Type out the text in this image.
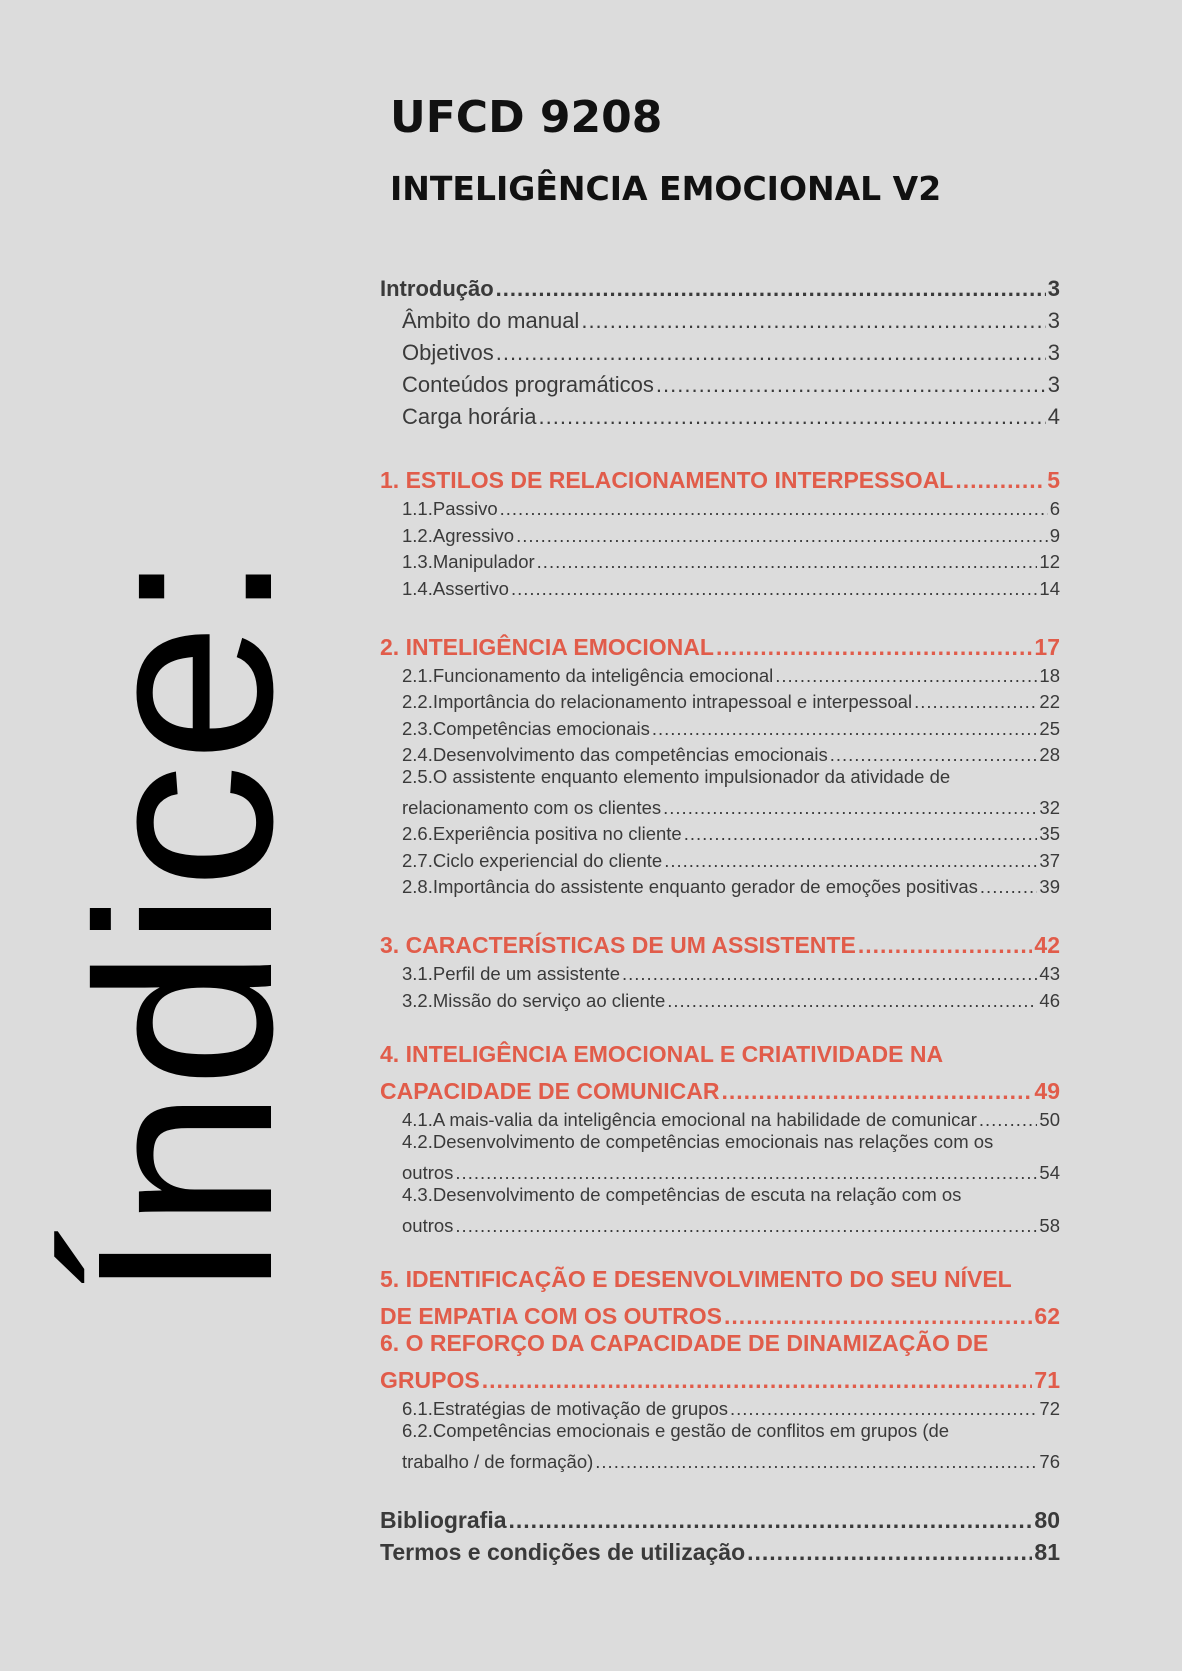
Índice:
UFCD 9208
INTELIGÊNCIA EMOCIONAL V2
Introdução .....	3
Âmbito do manual .....	3
Objetivos .....	3
Conteúdos programáticos .....	3
Carga horária .....	4
1. ESTILOS DE RELACIONAMENTO INTERPESSOAL .....	5
1.1.Passivo .....	6
1.2.Agressivo .....	9
1.3.Manipulador .....	12
1.4.Assertivo .....	14
2. INTELIGÊNCIA EMOCIONAL .....	17
2.1.Funcionamento da inteligência emocional .....	18
2.2.Importância do relacionamento intrapessoal e interpessoal .....	22
2.3.Competências emocionais .....	25
2.4.Desenvolvimento das competências emocionais .....	28
2.5.O assistente enquanto elemento impulsionador da atividade de
relacionamento com os clientes .....	32
2.6.Experiência positiva no cliente .....	35
2.7.Ciclo experiencial do cliente .....	37
2.8.Importância do assistente enquanto gerador de emoções positivas .....	39
3. CARACTERÍSTICAS DE UM ASSISTENTE .....	42
3.1.Perfil de um assistente .....	43
3.2.Missão do serviço ao cliente .....	46
4. INTELIGÊNCIA EMOCIONAL E CRIATIVIDADE NA
CAPACIDADE DE COMUNICAR .....	49
4.1.A mais-valia da inteligência emocional na habilidade de comunicar .....	50
4.2.Desenvolvimento de competências emocionais nas relações com os
outros .....	54
4.3.Desenvolvimento de competências de escuta na relação com os
outros .....	58
5. IDENTIFICAÇÃO E DESENVOLVIMENTO DO SEU NÍVEL
DE EMPATIA COM OS OUTROS .....	62
6. O REFORÇO DA CAPACIDADE DE DINAMIZAÇÃO DE
GRUPOS .....	71
6.1.Estratégias de motivação de grupos .....	72
6.2.Competências emocionais e gestão de conflitos em grupos (de
trabalho / de formação) .....	76
Bibliografia .....	80
Termos e condições de utilização .....	81
